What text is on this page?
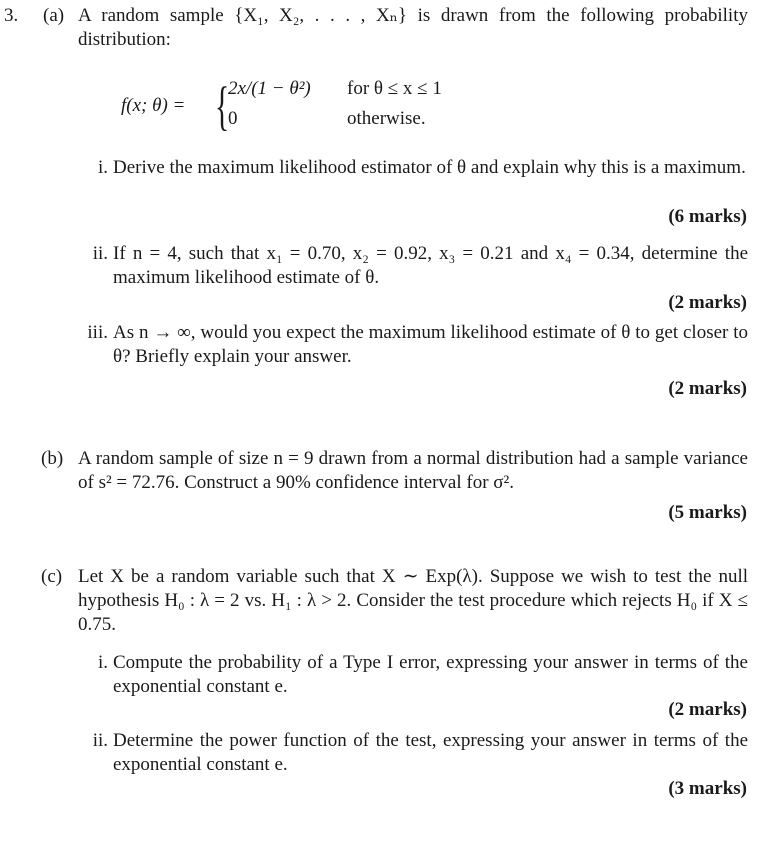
3. (a) A random sample {X₁, X₂, . . . , Xₙ} is drawn from the following probability distribution:
f(x; θ) = {
2x/(1 − θ²) for θ ≤ x ≤ 1
0	otherwise.
i. Derive the maximum likelihood estimator of θ and explain why this is a maximum.
(6 marks)
ii. If n = 4, such that x₁ = 0.70, x₂ = 0.92, x₃ = 0.21 and x₄ = 0.34, determine the maximum likelihood estimate of θ.
(2 marks)
iii. As n → ∞, would you expect the maximum likelihood estimate of θ to get closer to θ? Briefly explain your answer.
(2 marks)
(b) A random sample of size n = 9 drawn from a normal distribution had a sample variance of s² = 72.76. Construct a 90% confidence interval for σ².
(5 marks)
(c) Let X be a random variable such that X ∼ Exp(λ). Suppose we wish to test the null hypothesis H₀ : λ = 2 vs. H₁ : λ > 2. Consider the test procedure which rejects H₀ if X ≤ 0.75.
i. Compute the probability of a Type I error, expressing your answer in terms of the exponential constant e.
(2 marks)
ii. Determine the power function of the test, expressing your answer in terms of the exponential constant e.
(3 marks)
